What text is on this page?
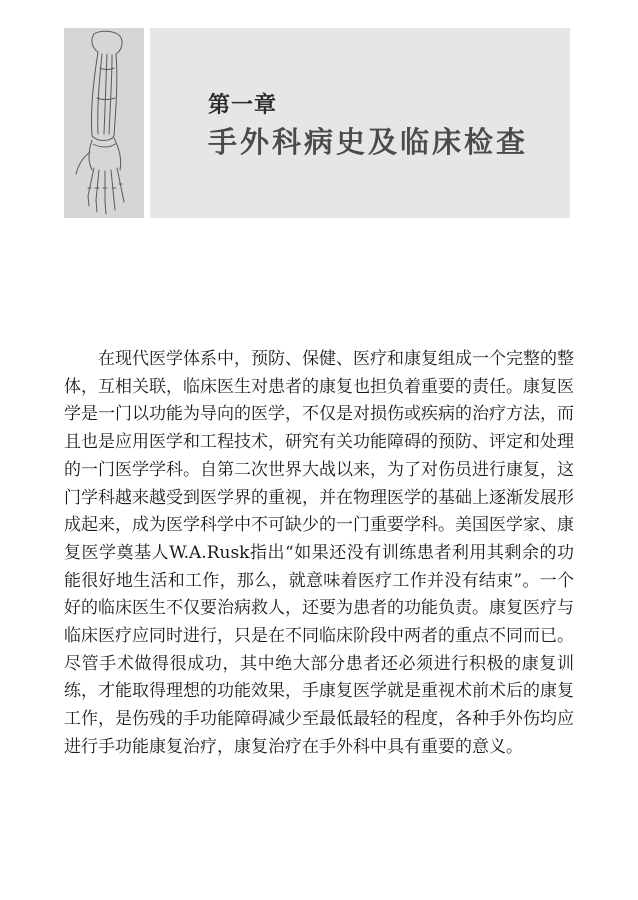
第一章
手外科病史及临床检查

在现代医学体系中，预防、保健、医疗和康复组成一个完整的整体，互相关联，临床医生对患者的康复也担负着重要的责任。康复医学是一门以功能为导向的医学，不仅是对损伤或疾病的治疗方法，而且也是应用医学和工程技术，研究有关功能障碍的预防、评定和处理的一门医学学科。自第二次世界大战以来，为了对伤员进行康复，这门学科越来越受到医学界的重视，并在物理医学的基础上逐渐发展形成起来，成为医学科学中不可缺少的一门重要学科。美国医学家、康复医学奠基人W.A.Rusk指出“如果还没有训练患者利用其剩余的功能很好地生活和工作，那么，就意味着医疗工作并没有结束”。一个好的临床医生不仅要治病救人，还要为患者的功能负责。康复医疗与临床医疗应同时进行，只是在不同临床阶段中两者的重点不同而已。尽管手术做得很成功，其中绝大部分患者还必须进行积极的康复训练，才能取得理想的功能效果，手康复医学就是重视术前术后的康复工作，是伤残的手功能障碍减少至最低最轻的程度，各种手外伤均应进行手功能康复治疗，康复治疗在手外科中具有重要的意义。
